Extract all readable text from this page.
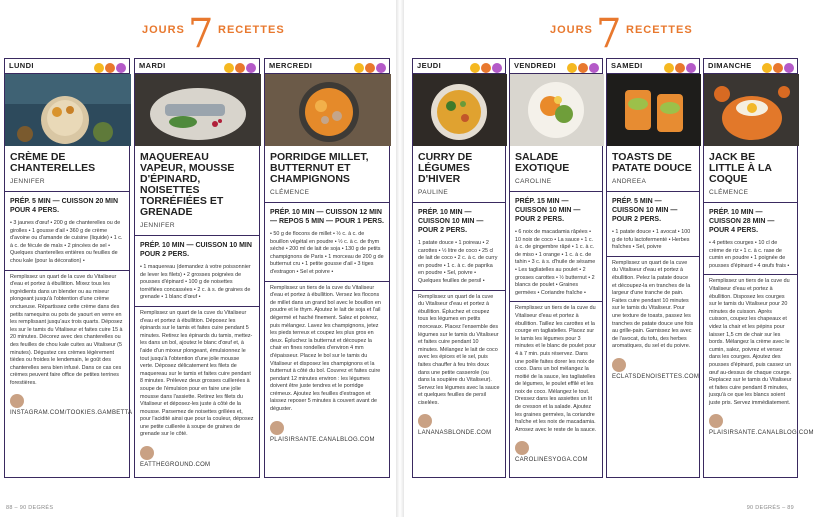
JOURS 7 RECETTES
LUNDI
CRÈME DE CHANTERELLES
JENNIFER
PRÉP. 5 MIN — CUISSON 20 MIN POUR 4 PERS.
• 3 jaunes d'œuf • 200 g de chanterelles ou de girolles • 1 gousse d'ail • 360 g de crème d'avoine ou d'amande de cuisine (liquide) • 1 c. à c. de fécule de maïs • 2 pincées de sel • Quelques chanterelles entières ou feuilles de chou kale (pour la décoration) •
Remplissez un quart de la cuve du Vitaliseur d'eau et portez à ébullition. Mixez tous les ingrédients dans un blender ou au mixeur plongeant jusqu'à l'obtention d'une crème onctueuse. Répartissez cette crème dans des petits ramequins ou pots de yaourt en verre en les remplissant jusqu'aux trois quarts. Déposez les sur le tamis du Vitaliseur et faites cuire 15 à 20 minutes. Décorez avec des chanterelles ou des feuilles de chou kale cuites au Vitaliseur (5 minutes). Dégustez ces crèmes légèrement tièdes ou froides le lendemain, le goût des chanterelles sera bien infusé. Dans ce cas ces crèmes peuvent faire office de petites terrines forestières.
INSTAGRAM.COM/TOOKIES.GAMBETTA
MARDI
MAQUEREAU VAPEUR, MOUSSE D'ÉPINARD, NOISETTES TORRÉFIÉES ET GRENADE
JENNIFER
PRÉP. 10 MIN — CUISSON 10 MIN POUR 2 PERS.
• 1 maquereau (demandez à votre poissonnier de lever les filets) • 2 grosses poignées de pousses d'épinard • 100 g de noisettes torréfiées concassées • 2 c. à s. de graines de grenade • 1 blanc d'œuf •
Remplissez un quart de la cuve du Vitaliseur d'eau et portez à ébullition. Déposez les épinards sur le tamis et faites cuire pendant 5 minutes. Retirez les épinards du tamis, mettez-les dans un bol, ajoutez le blanc d'œuf et, à l'aide d'un mixeur plongeant, émulsionnez le tout jusqu'à l'obtention d'une jolie mousse verte. Déposez délicatement les filets de maquereau sur le tamis et faites cuire pendant 8 minutes. Prélevez deux grosses cuillerées à soupe de l'émulsion pour en faire une jolie mousse dans l'assiette. Retirez les filets du Vitaliseur et déposez-les juste à côté de la mousse. Parsemez de noisettes grillées et, pour l'acidité ainsi que pour la couleur, déposez une petite cuillerée à soupe de graines de grenade sur le côté.
EATTHEGROUND.COM
MERCREDI
PORRIDGE MILLET, BUTTERNUT ET CHAMPIGNONS
CLÉMENCE
PRÉP. 10 MIN — CUISSON 12 MIN — REPOS 5 MIN — POUR 1 PERS.
• 50 g de flocons de millet • ½ c. à c. de bouillon végétal en poudre • ½ c. à c. de thym séché • 200 ml de lait de soja • 130 g de petits champignons de Paris • 1 morceau de 200 g de butternut cru • 1 petite gousse d'ail • 3 tiges d'estragon • Sel et poivre •
Remplissez un tiers de la cuve du Vitaliseur d'eau et portez à ébullition. Versez les flocons de millet dans un grand bol avec le bouillon en poudre et le thym. Ajoutez le lait de soja et l'ail dégermé et haché finement. Salez et poivrez, puis mélangez. Lavez les champignons, jetez les pieds terreux et coupez les plus gros en deux. Épluchez la butternut et découpez la chair en fines rondelles d'environ 4 mm d'épaisseur. Placez le bol sur le tamis du Vitaliseur et disposez les champignons et la butternut à côté du bol. Couvrez et faites cuire pendant 12 minutes environ : les légumes doivent être juste tendres et le porridge crémeux. Ajoutez les feuilles d'estragon et laissez reposer 5 minutes à couvert avant de déguster.
PLAISIRSANTE.CANALBLOG.COM
88 – 90 DEGRÉS
JOURS 7 RECETTES
JEUDI
CURRY DE LÉGUMES D'HIVER
PAULINE
PRÉP. 10 MIN — CUISSON 10 MIN — POUR 2 PERS.
1 patate douce • 1 poireau • 2 carottes • ½ litre de coco • 25 cl de lait de coco • 2 c. à c. de curry en poudre • 1 c. à c. de paprika en poudre • Sel, poivre • Quelques feuilles de persil •
Remplissez un quart de la cuve du Vitaliseur d'eau et portez à ébullition. Épluchez et coupez tous les légumes en petits morceaux. Placez l'ensemble des légumes sur le tamis du Vitaliseur et faites cuire pendant 10 minutes. Mélangez le lait de coco avec les épices et le sel, puis faites chauffer à feu très doux dans une petite casserole (ou dans la soupière du Vitaliseur). Servez les légumes avec la sauce et quelques feuilles de persil ciselées.
LANANASBLONDE.COM
VENDREDI
SALADE EXOTIQUE
CAROLINE
PRÉP. 15 MIN — CUISSON 10 MIN — POUR 2 PERS.
• 6 noix de macadamia râpées • 10 noix de coco • La sauce • 1 c. à c. de gingembre râpé • 1 c. à c. de miso • 1 orange • 1 c. à c. de tahin • 3 c. à s. d'huile de sésame • Les tagliatelles au poulet • 2 grosses carottes • ½ butternut • 2 blancs de poulet • Graines germées • Coriandre fraîche •
Remplissez un tiers de la cuve du Vitaliseur d'eau et portez à ébullition. Taillez les carottes et la courge en tagliatelles. Placez sur le tamis les légumes pour 3 minutes et le blanc de poulet pour 4 à 7 min. puis réservez. Dans une poêle faites dorer les noix de coco. Dans un bol mélangez la moitié de la sauce, les tagliatelles de légumes, le poulet effilé et les noix de coco. Mélangez le tout. Dressez dans les assiettes un lit de cresson et la salade. Ajoutez les graines germées, la coriandre fraîche et les noix de macadamia. Arrosez avec le reste de la sauce.
CAROLINESYOGA.COM
SAMEDI
TOASTS DE PATATE DOUCE
ANDREEA
PRÉP. 5 MIN — CUISSON 10 MIN — POUR 2 PERS.
• 1 patate douce • 1 avocat • 100 g de tofu lactofermenté • Herbes fraîches • Sel, poivre
Remplissez un quart de la cuve du Vitaliseur d'eau et portez à ébullition. Pelez la patate douce et découpez-la en tranches de la largeur d'une tranche de pain. Faites cuire pendant 10 minutes sur le tamis du Vitaliseur. Pour une texture de toasts, passez les tranches de patate douce une fois au grille-pain. Garnissez les avec de l'avocat, du tofu, des herbes aromatiques, du sel et du poivre.
ECLATSDENOISETTES.COM
DIMANCHE
JACK BE LITTLE À LA COQUE
CLÉMENCE
PRÉP. 10 MIN — CUISSON 28 MIN — POUR 4 PERS.
• 4 petites courges • 10 cl de crème de riz • 1 c. à c. rase de cumin en poudre • 1 poignée de pousses d'épinard • 4 œufs frais •
Remplissez un tiers de la cuve du Vitaliseur d'eau et portez à ébullition. Disposez les courges sur le tamis du Vitaliseur pour 20 minutes de cuisson. Après cuisson, coupez les chapeaux et videz la chair et les pépins pour laisser 1,5 cm de chair sur les bords. Mélangez la crème avec le cumin, salez, poivrez et versez dans les courges. Ajoutez des pousses d'épinard, puis cassez un œuf au-dessus de chaque courge. Replacez sur le tamis du Vitaliseur et faites cuire pendant 8 minutes, jusqu'à ce que les blancs soient juste pris. Servez immédiatement.
PLAISIRSANTE.CANALBLOG.COM
90 DEGRÉS – 89
